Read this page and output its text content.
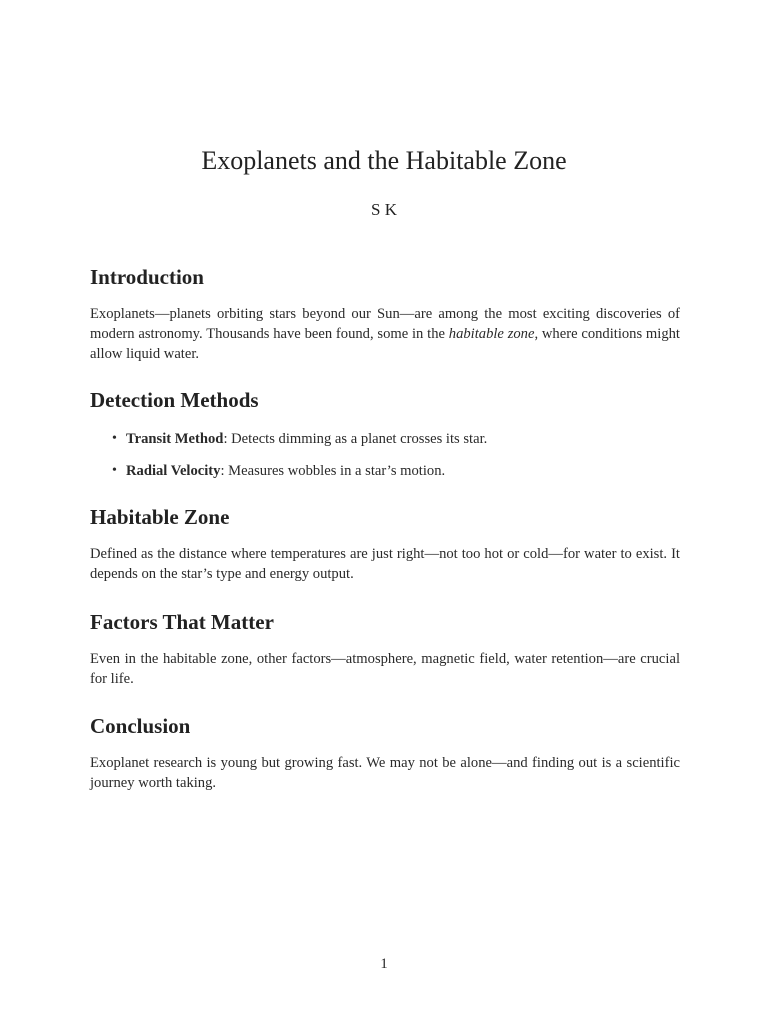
Exoplanets and the Habitable Zone
S K
Introduction

Exoplanets—planets orbiting stars beyond our Sun—are among the most exciting discoveries of modern astronomy. Thousands have been found, some in the habitable zone, where conditions might allow liquid water.

Detection Methods
• Transit Method: Detects dimming as a planet crosses its star.
• Radial Velocity: Measures wobbles in a star’s motion.
Habitable Zone

Defined as the distance where temperatures are just right—not too hot or cold—for water to exist. It depends on the star’s type and energy output.

Factors That Matter

Even in the habitable zone, other factors—atmosphere, magnetic field, water retention—are crucial for life.

Conclusion

Exoplanet research is young but growing fast. We may not be alone—and finding out is a scientific journey worth taking.

1
